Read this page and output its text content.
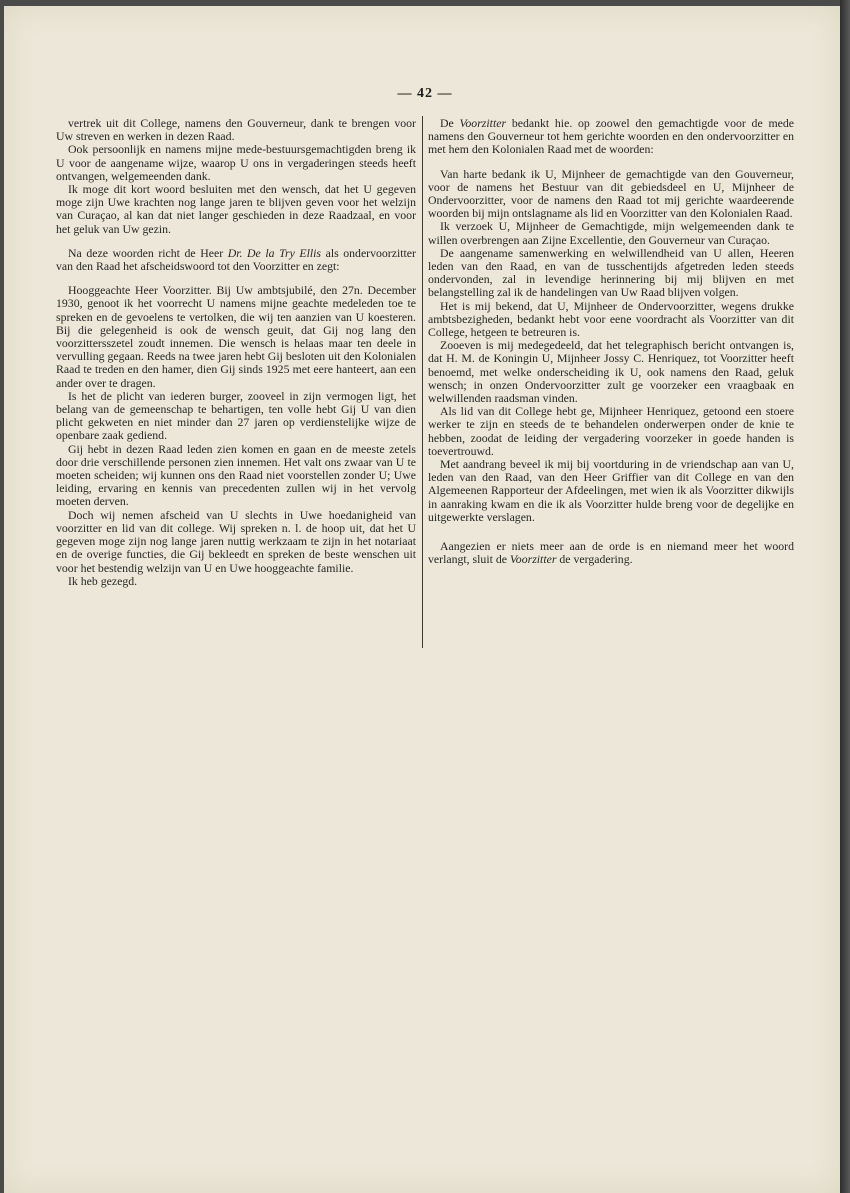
— 42 —

vertrek uit dit College, namens den Gouverneur, dank te brengen voor Uw streven en werken in dezen Raad.

Ook persoonlijk en namens mijne mede-bestuursgemachtigden breng ik U voor de aangename wijze, waarop U ons in vergaderingen steeds heeft ontvangen, welgemeenden dank.

Ik moge dit kort woord besluiten met den wensch, dat het U gegeven moge zijn Uwe krachten nog lange jaren te blijven geven voor het welzijn van Curaçao, al kan dat niet langer geschieden in deze Raadzaal, en voor het geluk van Uw gezin.

Na deze woorden richt de Heer Dr. De la Try Ellis als ondervoorzitter van den Raad het afscheidswoord tot den Voorzitter en zegt:

Hooggeachte Heer Voorzitter. Bij Uw ambtsjubilé, den 27n. December 1930, genoot ik het voorrecht U namens mijne geachte medeleden toe te spreken en de gevoelens te vertolken, die wij ten aanzien van U koesteren. Bij die gelegenheid is ook de wensch geuit, dat Gij nog lang den voorzittersszetel zoudt innemen. Die wensch is helaas maar ten deele in vervulling gegaan. Reeds na twee jaren hebt Gij besloten uit den Kolonialen Raad te treden en den hamer, dien Gij sinds 1925 met eere hanteert, aan een ander over te dragen.

Is het de plicht van iederen burger, zooveel in zijn vermogen ligt, het belang van de gemeenschap te behartigen, ten volle hebt Gij U van dien plicht gekweten en niet minder dan 27 jaren op verdienstelijke wijze de openbare zaak gediend.

Gij hebt in dezen Raad leden zien komen en gaan en de meeste zetels door drie verschillende personen zien innemen. Het valt ons zwaar van U te moeten scheiden; wij kunnen ons den Raad niet voorstellen zonder U; Uwe leiding, ervaring en kennis van precedenten zullen wij in het vervolg moeten derven.

Doch wij nemen afscheid van U slechts in Uwe hoedanigheid van voorzitter en lid van dit college. Wij spreken n. l. de hoop uit, dat het U gegeven moge zijn nog lange jaren nuttig werkzaam te zijn in het notariaat en de overige functies, die Gij bekleedt en spreken de beste wenschen uit voor het bestendig welzijn van U en Uwe hooggeachte familie.

Ik heb gezegd.

De Voorzitter bedankt hie. op zoowel den gemachtigde voor de mede namens den Gouverneur tot hem gerichte woorden en den ondervoorzitter en met hem den Kolonialen Raad met de woorden:

Van harte bedank ik U, Mijnheer de gemachtigde van den Gouverneur, voor de namens het Bestuur van dit gebiedsdeel en U, Mijnheer de Ondervoorzitter, voor de namens den Raad tot mij gerichte waardeerende woorden bij mijn ontslagname als lid en Voorzitter van den Kolonialen Raad.

Ik verzoek U, Mijnheer de Gemachtigde, mijn welgemeenden dank te willen overbrengen aan Zijne Excellentie, den Gouverneur van Curaçao.

De aangename samenwerking en welwillendheid van U allen, Heeren leden van den Raad, en van de tusschentijds afgetreden leden steeds ondervonden, zal in levendige herinnering bij mij blijven en met belangstelling zal ik de handelingen van Uw Raad blijven volgen.

Het is mij bekend, dat U, Mijnheer de Ondervoorzitter, wegens drukke ambtsbezigheden, bedankt hebt voor eene voordracht als Voorzitter van dit College, hetgeen te betreuren is.

Zooeven is mij medegedeeld, dat het telegraphisch bericht ontvangen is, dat H. M. de Koningin U, Mijnheer Jossy C. Henriquez, tot Voorzitter heeft benoemd, met welke onderscheiding ik U, ook namens den Raad, geluk wensch; in onzen Ondervoorzitter zult ge voorzeker een vraagbaak en welwillenden raadsman vinden.

Als lid van dit College hebt ge, Mijnheer Henriquez, getoond een stoere werker te zijn en steeds de te behandelen onderwerpen onder de knie te hebben, zoodat de leiding der vergadering voorzeker in goede handen is toevertrouwd.

Met aandrang beveel ik mij bij voortduring in de vriendschap aan van U, leden van den Raad, van den Heer Griffier van dit College en van den Algemeenen Rapporteur der Afdeelingen, met wien ik als Voorzitter dikwijls in aanraking kwam en die ik als Voorzitter hulde breng voor de degelijke en uitgewerkte verslagen.

Aangezien er niets meer aan de orde is en niemand meer het woord verlangt, sluit de Voorzitter de vergadering.
